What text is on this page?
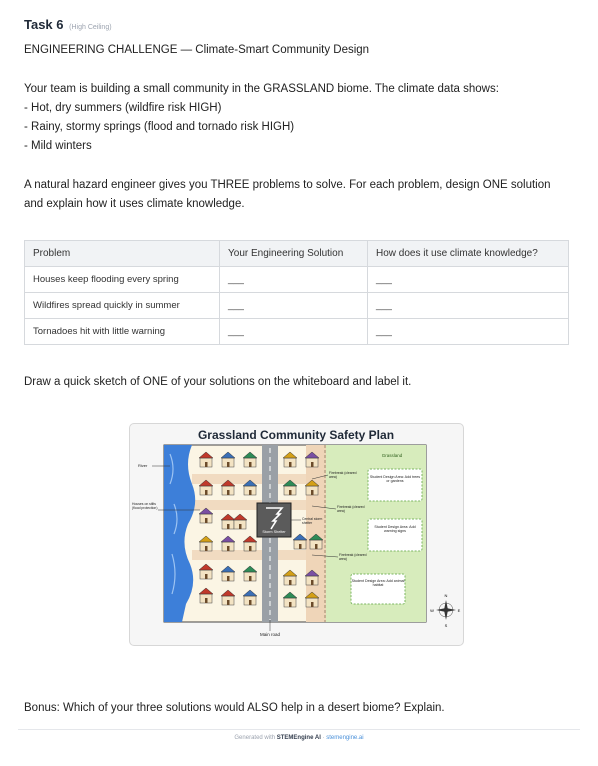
Task 6 (High Ceiling)
ENGINEERING CHALLENGE — Climate-Smart Community Design
Your team is building a small community in the GRASSLAND biome. The climate data shows:
- Hot, dry summers (wildfire risk HIGH)
- Rainy, stormy springs (flood and tornado risk HIGH)
- Mild winters
A natural hazard engineer gives you THREE problems to solve. For each problem, design ONE solution and explain how it uses climate knowledge.
Problem	Your Engineering Solution	How does it use climate knowledge?
Houses keep flooding every spring	___	___
Wildfires spread quickly in summer	___	___
Tornadoes hit with little warning	___	___
Draw a quick sketch of ONE of your solutions on the whiteboard and label it.
Grassland Community Safety Plan
Storm Shelter
Student Design Area: Add trees or gardens
Student Design Area: Add warning signs
Student Design Area: Add animal habitat
Grassland
Firebreak (cleared area)
Firebreak (cleared area)
Firebreak (cleared area)
Central storm shelter
River
Houses on stilts (flood protection)
Main road
N
S
E
W
Bonus: Which of your three solutions would ALSO help in a desert biome? Explain.
Generated with STEMEngine AI · stemengine.ai
